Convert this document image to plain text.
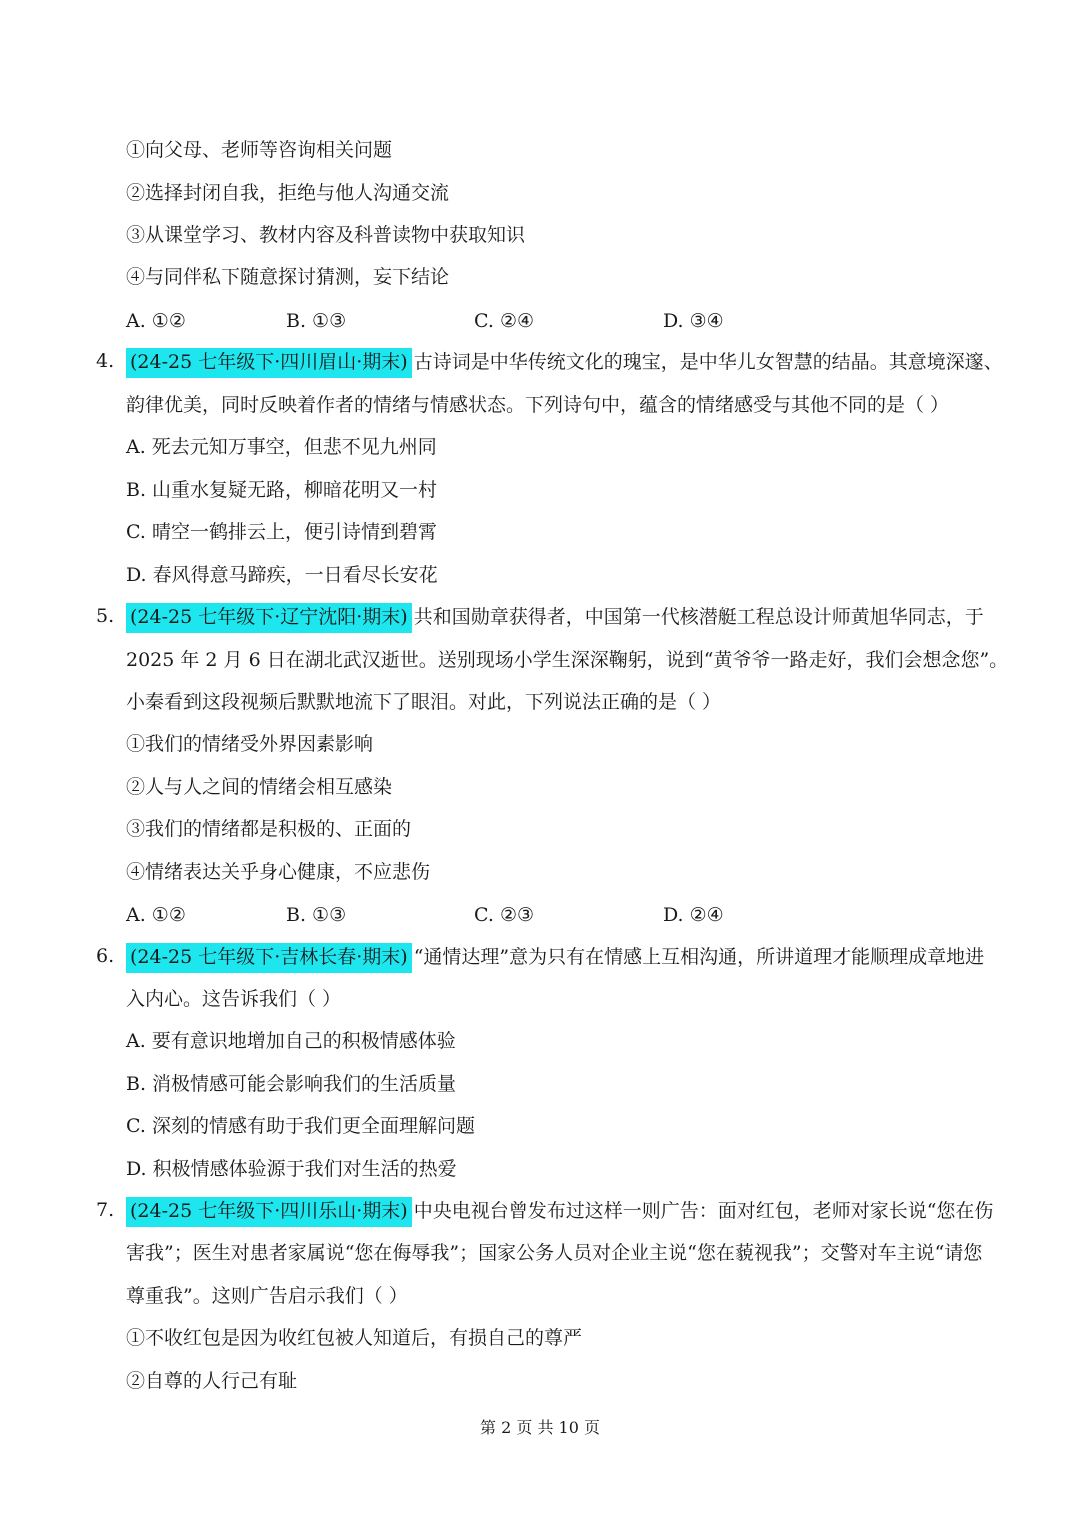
①向父母、老师等咨询相关问题
②选择封闭自我，拒绝与他人沟通交流
③从课堂学习、教材内容及科普读物中获取知识
④与同伴私下随意探讨猜测，妄下结论
A. ①②	B. ①③	C. ②④	D. ③④
4. (24-25 七年级下·四川眉山·期末) 古诗词是中华传统文化的瑰宝，是中华儿女智慧的结晶。其意境深邃、
韵律优美，同时反映着作者的情绪与情感状态。下列诗句中，蕴含的情绪感受与其他不同的是（ ）
A. 死去元知万事空，但悲不见九州同
B. 山重水复疑无路，柳暗花明又一村
C. 晴空一鹤排云上，便引诗情到碧霄
D. 春风得意马蹄疾，一日看尽长安花
5. (24-25 七年级下·辽宁沈阳·期末) 共和国勋章获得者，中国第一代核潜艇工程总设计师黄旭华同志，于
2025 年 2 月 6 日在湖北武汉逝世。送别现场小学生深深鞠躬，说到“黄爷爷一路走好，我们会想念您”。
小秦看到这段视频后默默地流下了眼泪。对此，下列说法正确的是（ ）
①我们的情绪受外界因素影响
②人与人之间的情绪会相互感染
③我们的情绪都是积极的、正面的
④情绪表达关乎身心健康，不应悲伤
A. ①②	B. ①③	C. ②③	D. ②④
6. (24-25 七年级下·吉林长春·期末) “通情达理”意为只有在情感上互相沟通，所讲道理才能顺理成章地进
入内心。这告诉我们（ ）
A. 要有意识地增加自己的积极情感体验
B. 消极情感可能会影响我们的生活质量
C. 深刻的情感有助于我们更全面理解问题
D. 积极情感体验源于我们对生活的热爱
7. (24-25 七年级下·四川乐山·期末) 中央电视台曾发布过这样一则广告：面对红包，老师对家长说“您在伤
害我”；医生对患者家属说“您在侮辱我”；国家公务人员对企业主说“您在藐视我”；交警对车主说“请您
尊重我”。这则广告启示我们（ ）
①不收红包是因为收红包被人知道后，有损自己的尊严
②自尊的人行己有耻
第 2 页 共 10 页
